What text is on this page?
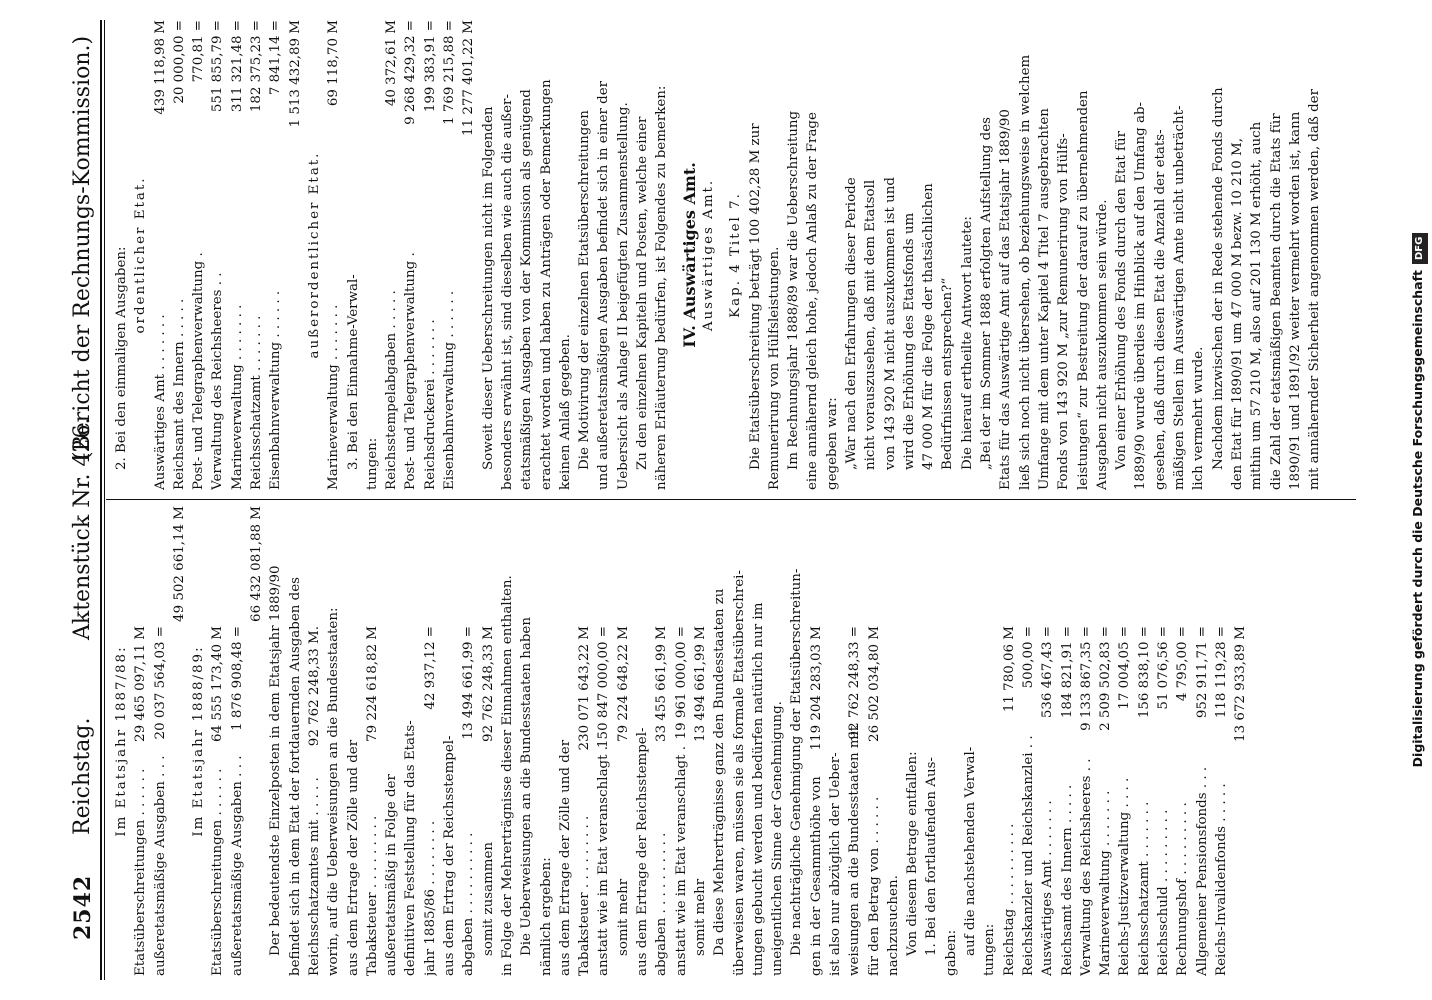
2542
Reichstag.
Aktenstück Nr. 426.
(Bericht der Rechnungs-Kommission.)
Im Etatsjahr 1887/88:
Etatsüberschreitungen . . . . . .
29 465 097,11 M
außeretatsmäßige Ausgaben . . .
20 037 564,03 =
49 502 661,14 M
Im Etatsjahr 1888/89:
Etatsüberschreitungen . . . . . .
64 555 173,40 M
außeretatsmäßige Ausgaben . . .
1 876 908,48 =
66 432 081,88 M
Der bedeutendste Einzelposten in dem Etatsjahr 1889/90 befindet sich in dem Etat der fortdauernden Ausgaben des Reichsschatzamtes mit . . . . .
92 762 248,33 M. worin, auf die Ueberweisungen an die Bundesstaaten: aus dem Ertrage der Zölle und der Tabaksteuer . . . . . . . . .
79 224 618,82 M
außeretatsmäßig in Folge der definitiven Feststellung für das Etats- jahr 1885/86 . . . . . . . .
42 937,12 =
aus dem Ertrag der Reichsstempel- abgaben . . . . . . . . . .
13 494 661,99 =
somit zusammen
92 762 248,33 M in Folge der Mehrerträgnisse dieser Einnahmen enthalten. Die Ueberweisungen an die Bundesstaaten haben nämlich ergeben: aus dem Ertrage der Zölle und der Tabaksteuer . . . . . . . . .
230 071 643,22 M
anstatt wie im Etat veranschlagt .
150 847 000,00 =
somit mehr
79 224 648,22 M
aus dem Ertrage der Reichsstempel- abgaben . . . . . . . . . .
33 455 661,99 M
anstatt wie im Etat veranschlagt .
19 961 000,00 =
somit mehr
13 494 661,99 M Da diese Mehrerträgnisse ganz den Bundesstaaten zu überweisen waren, müssen sie als formale Etatsüberschrei- tungen gebucht werden und bedürfen natürlich nur im uneigentlichen Sinne der Genehmigung. Die nachträgliche Genehmigung der Etatsüberschreitun- gen in der Gesammthöhe von
119 204 283,03 M
ist also nur abzüglich der Ueber- weisungen an die Bundesstaaten mit
92 762 248,33 =
für den Betrag von . . . . . .
26 502 034,80 M
nachzusuchen. Von diesem Betrage entfallen: 1. Bei den fortlaufenden Aus- gaben: auf die nachstehenden Verwal- tungen: Reichstag . . . . . . . . . .
11 780,06 M
Reichskanzler und Reichskanzlei . .
500,00 =
Auswärtiges Amt . . . . . . .
536 467,43 =
Reichsamt des Innern . . . . .
184 821,91 =
Verwaltung des Reichsheeres . .
9 133 867,35 =
Marineverwaltung . . . . . . .
2 509 502,83 =
Reichs-Justizverwaltung . . . .
17 004,05 =
Reichsschatzamt . . . . . . .
156 838,10 =
Reichsschuld . . . . . . . . .
51 076,56 =
Rechnungshof . . . . . . . . .
4 795,00 =
Allgemeiner Pensionsfonds . . .
952 911,71 =
Reichs-Invalidenfonds . . . . .
118 119,28 = 13 672 933,89 M
2. Bei den einmaligen Ausgaben: ordentlicher Etat.
Auswärtiges Amt . . . . . . .
439 118,98 M
Reichsamt des Innern . . . . .
20 000,00 =
Post- und Telegraphenverwaltung .
770,81 =
Verwaltung des Reichsheeres . .
551 855,79 =
Marineverwaltung . . . . . . .
311 321,48 =
Reichsschatzamt . . . . . . .
182 375,23 =
Eisenbahnverwaltung . . . . . .
7 841,14 = 1 513 432,89 M
außerordentlicher Etat.
Marineverwaltung . . . . . . .
69 118,70 M
3. Bei den Einnahme-Verwal- tungen: Reichsstempelabgaben . . . . .
40 372,61 M
Post- und Telegraphenverwaltung .
9 268 429,32 =
Reichsdruckerei . . . . . . .
199 383,91 =
Eisenbahnverwaltung . . . . . .
1 769 215,88 = 11 277 401,22 M
Soweit dieser Ueberschreitungen nicht im Folgenden besonders erwähnt ist, sind dieselben wie auch die außer- etatsmäßigen Ausgaben von der Kommission als genügend erachtet worden und haben zu Anträgen oder Bemerkungen keinen Anlaß gegeben. Die Motivirung der einzelnen Etatsüberschreitungen und außeretatsmäßigen Ausgaben befindet sich in einer der Uebersicht als Anlage II beigefügten Zusammenstellung. Zu den einzelnen Kapiteln und Posten, welche einer näheren Erläuterung bedürfen, ist Folgendes zu bemerken: IV. Auswärtiges Amt. Auswärtiges Amt. Kap. 4 Titel 7. Die Etatsüberschreitung beträgt 100 402,28 M zur Remunerirung von Hülfsleistungen. Im Rechnungsjahr 1888/89 war die Ueberschreitung eine annähernd gleich hohe, jedoch Anlaß zu der Frage gegeben war: „War nach den Erfahrungen dieser Periode nicht vorauszusehen, daß mit dem Etatsoll von 143 920 M nicht auszukommen ist und wird die Erhöhung des Etatsfonds um 47 000 M für die Folge der thatsächlichen Bedürfnissen entsprechen?“ Die hierauf ertheilte Antwort lautete: „Bei der im Sommer 1888 erfolgten Aufstellung des Etats für das Auswärtige Amt auf das Etatsjahr 1889/90 ließ sich noch nicht übersehen, ob beziehungsweise in welchem Umfange mit dem unter Kapitel 4 Titel 7 ausgebrachten Fonds von 143 920 M „zur Remunerirung von Hülfs- leistungen“ zur Bestreitung der darauf zu übernehmenden Ausgaben nicht auszukommen sein würde. Von einer Erhöhung des Fonds durch den Etat für 1889/90 wurde überdies im Hinblick auf den Umfang ab- gesehen, daß durch diesen Etat die Anzahl der etats- mäßigen Stellen im Auswärtigen Amte nicht unbeträcht- lich vermehrt wurde. Nachdem inzwischen der in Rede stehende Fonds durch den Etat für 1890/91 um 47 000 M bezw. 10 210 M, mithin um 57 210 M, also auf 201 130 M erhöht, auch die Zahl der etatsmäßigen Beamten durch die Etats für 1890/91 und 1891/92 weiter vermehrt worden ist, kann mit annähernder Sicherheit angenommen werden, daß der	Digitalisierung gefördert durch die Deutsche ForschungsgemeinschaftDFG
